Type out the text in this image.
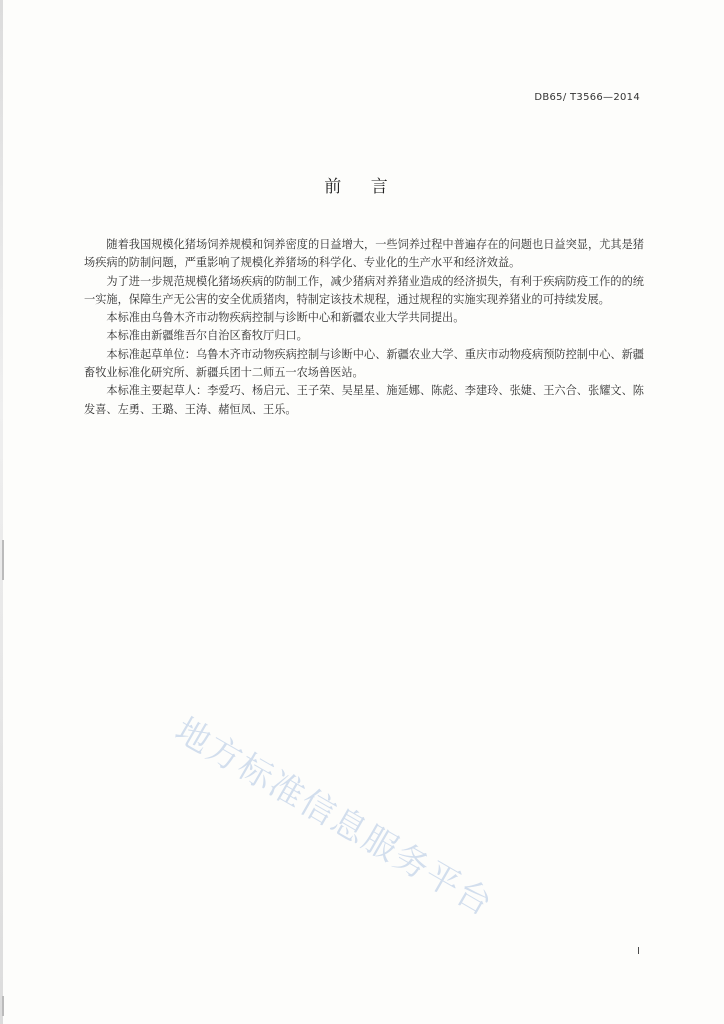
DB65/ T3566—2014
前 言

随着我国规模化猪场饲养规模和饲养密度的日益增大，一些饲养过程中普遍存在的问题也日益突显，尤其是猪场疾病的防制问题，严重影响了规模化养猪场的科学化、专业化的生产水平和经济效益。

为了进一步规范规模化猪场疾病的防制工作，减少猪病对养猪业造成的经济损失，有利于疾病防疫工作的的统一实施，保障生产无公害的安全优质猪肉，特制定该技术规程，通过规程的实施实现养猪业的可持续发展。

本标准由乌鲁木齐市动物疾病控制与诊断中心和新疆农业大学共同提出。

本标准由新疆维吾尔自治区畜牧厅归口。

本标准起草单位：乌鲁木齐市动物疾病控制与诊断中心、新疆农业大学、重庆市动物疫病预防控制中心、新疆畜牧业标准化研究所、新疆兵团十二师五一农场兽医站。

本标准主要起草人：李爱巧、杨启元、王子荣、吴星星、施延娜、陈彪、李建玲、张婕、王六合、张耀文、陈发喜、左勇、王璐、王涛、赭恒凤、王乐。

地方标准信息服务平台
I
